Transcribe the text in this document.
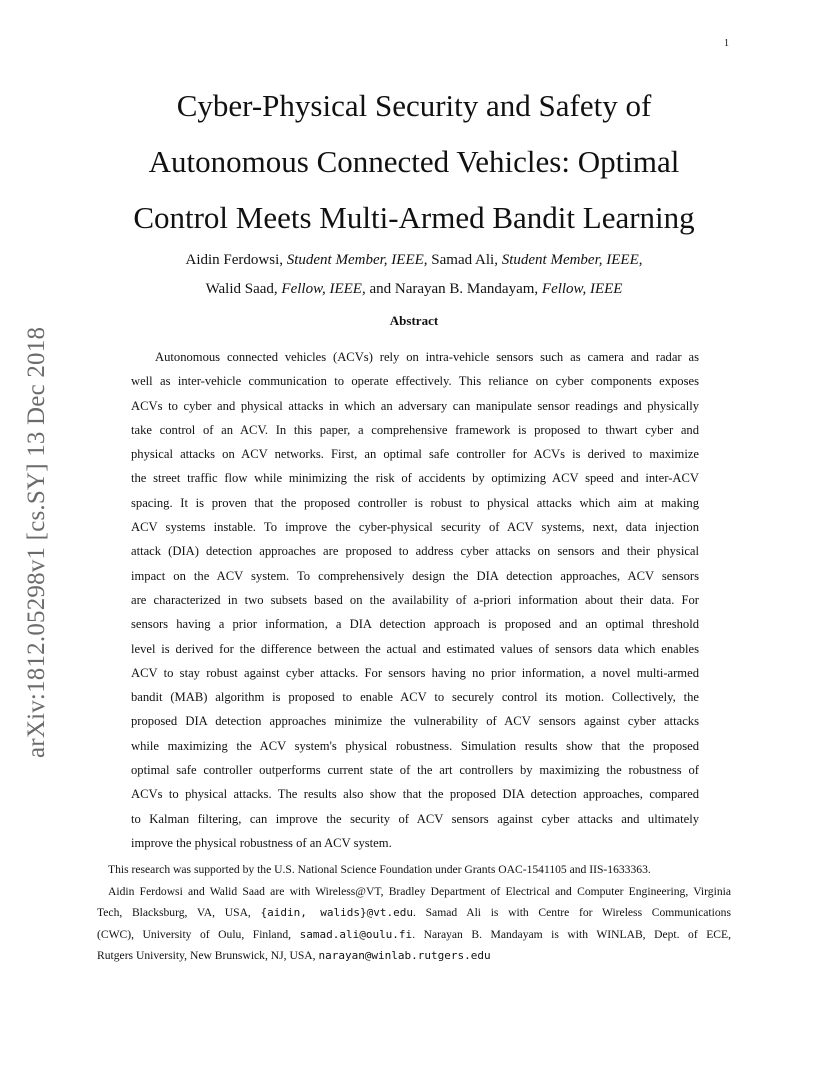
1
arXiv:1812.05298v1 [cs.SY] 13 Dec 2018
Cyber-Physical Security and Safety of
Autonomous Connected Vehicles: Optimal
Control Meets Multi-Armed Bandit Learning
Aidin Ferdowsi, Student Member, IEEE, Samad Ali, Student Member, IEEE,
Walid Saad, Fellow, IEEE, and Narayan B. Mandayam, Fellow, IEEE
Abstract

Autonomous connected vehicles (ACVs) rely on intra-vehicle sensors such as camera and radar as
well as inter-vehicle communication to operate effectively. This reliance on cyber components exposes
ACVs to cyber and physical attacks in which an adversary can manipulate sensor readings and physically
take control of an ACV. In this paper, a comprehensive framework is proposed to thwart cyber and
physical attacks on ACV networks. First, an optimal safe controller for ACVs is derived to maximize
the street traffic flow while minimizing the risk of accidents by optimizing ACV speed and inter-ACV
spacing. It is proven that the proposed controller is robust to physical attacks which aim at making
ACV systems instable. To improve the cyber-physical security of ACV systems, next, data injection
attack (DIA) detection approaches are proposed to address cyber attacks on sensors and their physical
impact on the ACV system. To comprehensively design the DIA detection approaches, ACV sensors
are characterized in two subsets based on the availability of a-priori information about their data. For
sensors having a prior information, a DIA detection approach is proposed and an optimal threshold
level is derived for the difference between the actual and estimated values of sensors data which enables
ACV to stay robust against cyber attacks. For sensors having no prior information, a novel multi-armed
bandit (MAB) algorithm is proposed to enable ACV to securely control its motion. Collectively, the
proposed DIA detection approaches minimize the vulnerability of ACV sensors against cyber attacks
while maximizing the ACV system's physical robustness. Simulation results show that the proposed
optimal safe controller outperforms current state of the art controllers by maximizing the robustness of
ACVs to physical attacks. The results also show that the proposed DIA detection approaches, compared
to Kalman filtering, can improve the security of ACV sensors against cyber attacks and ultimately
improve the physical robustness of an ACV system.

This research was supported by the U.S. National Science Foundation under Grants OAC-1541105 and IIS-1633363.
Aidin Ferdowsi and Walid Saad are with Wireless@VT, Bradley Department of Electrical and Computer Engineering, Virginia
Tech, Blacksburg, VA, USA, {aidin, walids}@vt.edu. Samad Ali is with Centre for Wireless Communications
(CWC), University of Oulu, Finland, samad.ali@oulu.fi. Narayan B. Mandayam is with WINLAB, Dept. of ECE,
Rutgers University, New Brunswick, NJ, USA, narayan@winlab.rutgers.edu
